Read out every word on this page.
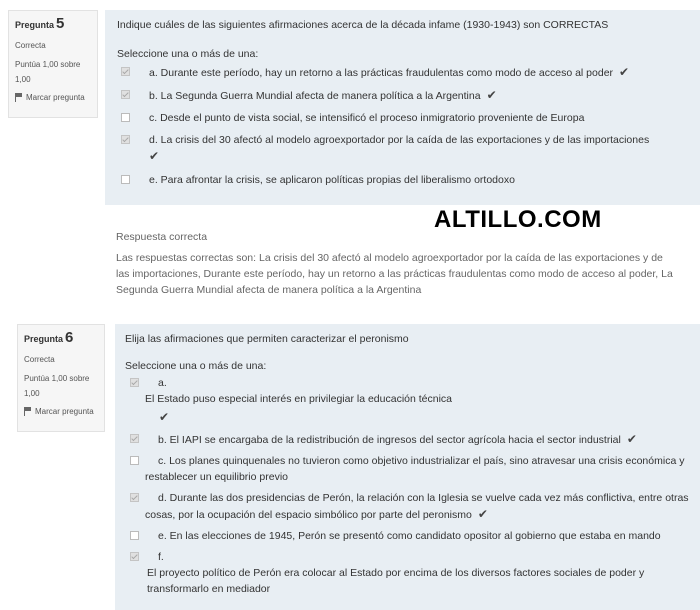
Pregunta 5
Correcta
Puntúa 1,00 sobre 1,00
Marcar pregunta
Indique cuáles de las siguientes afirmaciones acerca de la década infame (1930-1943) son CORRECTAS
Seleccione una o más de una:
a. Durante este período, hay un retorno a las prácticas fraudulentas como modo de acceso al poder ✔
b. La Segunda Guerra Mundial afecta de manera política a la Argentina ✔
c. Desde el punto de vista social, se intensificó el proceso inmigratorio proveniente de Europa
d. La crisis del 30 afectó al modelo agroexportador por la caída de las exportaciones y de las importaciones
✔
e. Para afrontar la crisis, se aplicaron políticas propias del liberalismo ortodoxo
ALTILLO.COM
Respuesta correcta
Las respuestas correctas son: La crisis del 30 afectó al modelo agroexportador por la caída de las exportaciones y de las importaciones, Durante este período, hay un retorno a las prácticas fraudulentas como modo de acceso al poder, La Segunda Guerra Mundial afecta de manera política a la Argentina
Pregunta 6
Correcta
Puntúa 1,00 sobre 1,00
Marcar pregunta
Elija las afirmaciones que permiten caracterizar el peronismo
Seleccione una o más de una:
a.
El Estado puso especial interés en privilegiar la educación técnica
✔
b. El IAPI se encargaba de la redistribución de ingresos del sector agrícola hacia el sector industrial ✔
c. Los planes quinquenales no tuvieron como objetivo industrializar el país, sino atravesar una crisis económica y restablecer un equilibrio previo
d. Durante las dos presidencias de Perón, la relación con la Iglesia se vuelve cada vez más conflictiva, entre otras cosas, por la ocupación del espacio simbólico por parte del peronismo ✔
e. En las elecciones de 1945, Perón se presentó como candidato opositor al gobierno que estaba en mando
f.
El proyecto político de Perón era colocar al Estado por encima de los diversos factores sociales de poder y transformarlo en mediador
